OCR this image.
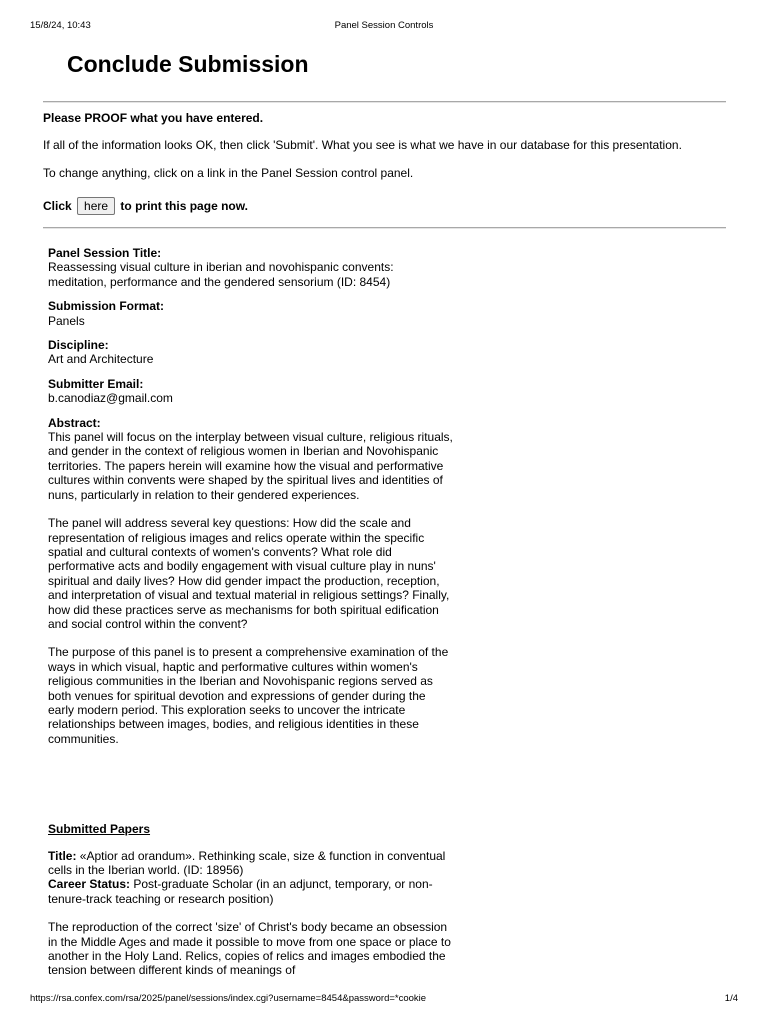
15/8/24, 10:43	Panel Session Controls
Conclude Submission

Please PROOF what you have entered.

If all of the information looks OK, then click 'Submit'. What you see is what we have in our database for this presentation.

To change anything, click on a link in the Panel Session control panel.

Click here to print this page now.

Panel Session Title:
Reassessing visual culture in iberian and novohispanic convents: meditation, performance and the gendered sensorium (ID: 8454)
Submission Format:
Panels
Discipline:
Art and Architecture
Submitter Email:
b.canodiaz@gmail.com
Abstract:

This panel will focus on the interplay between visual culture, religious rituals, and gender in the context of religious women in Iberian and Novohispanic territories. The papers herein will examine how the visual and performative cultures within convents were shaped by the spiritual lives and identities of nuns, particularly in relation to their gendered experiences.

The panel will address several key questions: How did the scale and representation of religious images and relics operate within the specific spatial and cultural contexts of women's convents? What role did performative acts and bodily engagement with visual culture play in nuns' spiritual and daily lives? How did gender impact the production, reception, and interpretation of visual and textual material in religious settings? Finally, how did these practices serve as mechanisms for both spiritual edification and social control within the convent?

The purpose of this panel is to present a comprehensive examination of the ways in which visual, haptic and performative cultures within women's religious communities in the Iberian and Novohispanic regions served as both venues for spiritual devotion and expressions of gender during the early modern period. This exploration seeks to uncover the intricate relationships between images, bodies, and religious identities in these communities.

Submitted Papers
Title: «Aptior ad orandum». Rethinking scale, size & function in conventual cells in the Iberian world. (ID: 18956)
Career Status: Post-graduate Scholar (in an adjunct, temporary, or non-tenure-track teaching or research position)

The reproduction of the correct 'size' of Christ's body became an obsession in the Middle Ages and made it possible to move from one space or place to another in the Holy Land. Relics, copies of relics and images embodied the tension between different kinds of meanings of

https://rsa.confex.com/rsa/2025/panel/sessions/index.cgi?username=8454&password=*cookie	1/4
